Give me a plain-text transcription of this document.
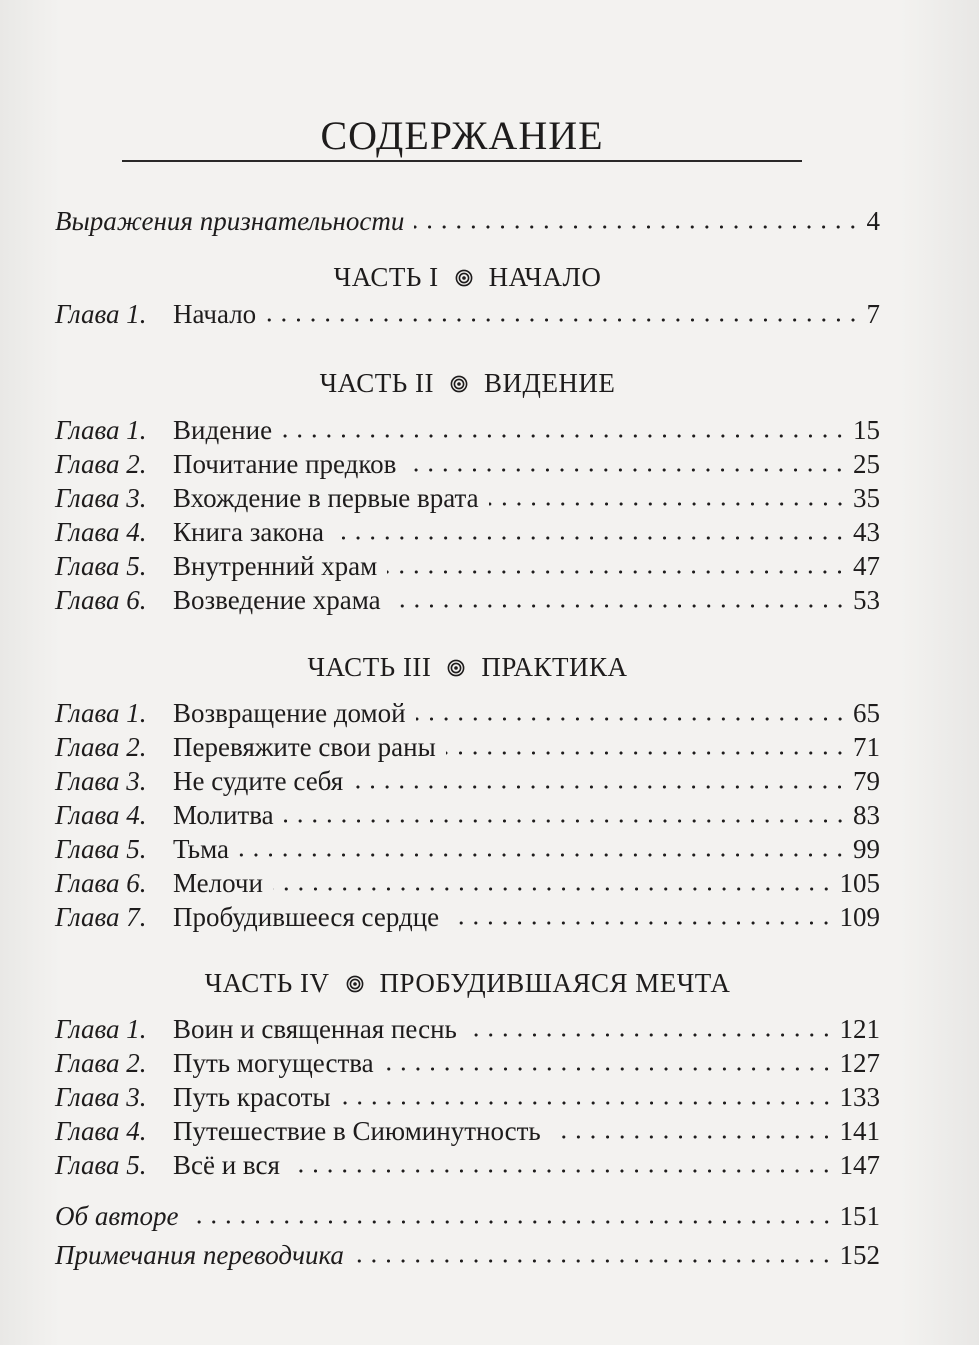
СОДЕРЖАНИЕ
Выражения признательности	4
ЧАСТЬ I НАЧАЛО
Глава 1. Начало	7
ЧАСТЬ II ВИДЕНИЕ
Глава 1. Видение	15
Глава 2. Почитание предков	25
Глава 3. Вхождение в первые врата	35
Глава 4. Книга закона	43
Глава 5. Внутренний храм	47
Глава 6. Возведение храма	53
ЧАСТЬ III ПРАКТИКА
Глава 1. Возвращение домой	65
Глава 2. Перевяжите свои раны	71
Глава 3. Не судите себя	79
Глава 4. Молитва	83
Глава 5. Тьма	99
Глава 6. Мелочи	105
Глава 7. Пробудившееся сердце	109
ЧАСТЬ IV ПРОБУДИВШАЯСЯ МЕЧТА
Глава 1. Воин и священная песнь	121
Глава 2. Путь могущества	127
Глава 3. Путь красоты	133
Глава 4. Путешествие в Сиюминутность	141
Глава 5. Всё и вся	147
Об авторе	151
Примечания переводчика	152
